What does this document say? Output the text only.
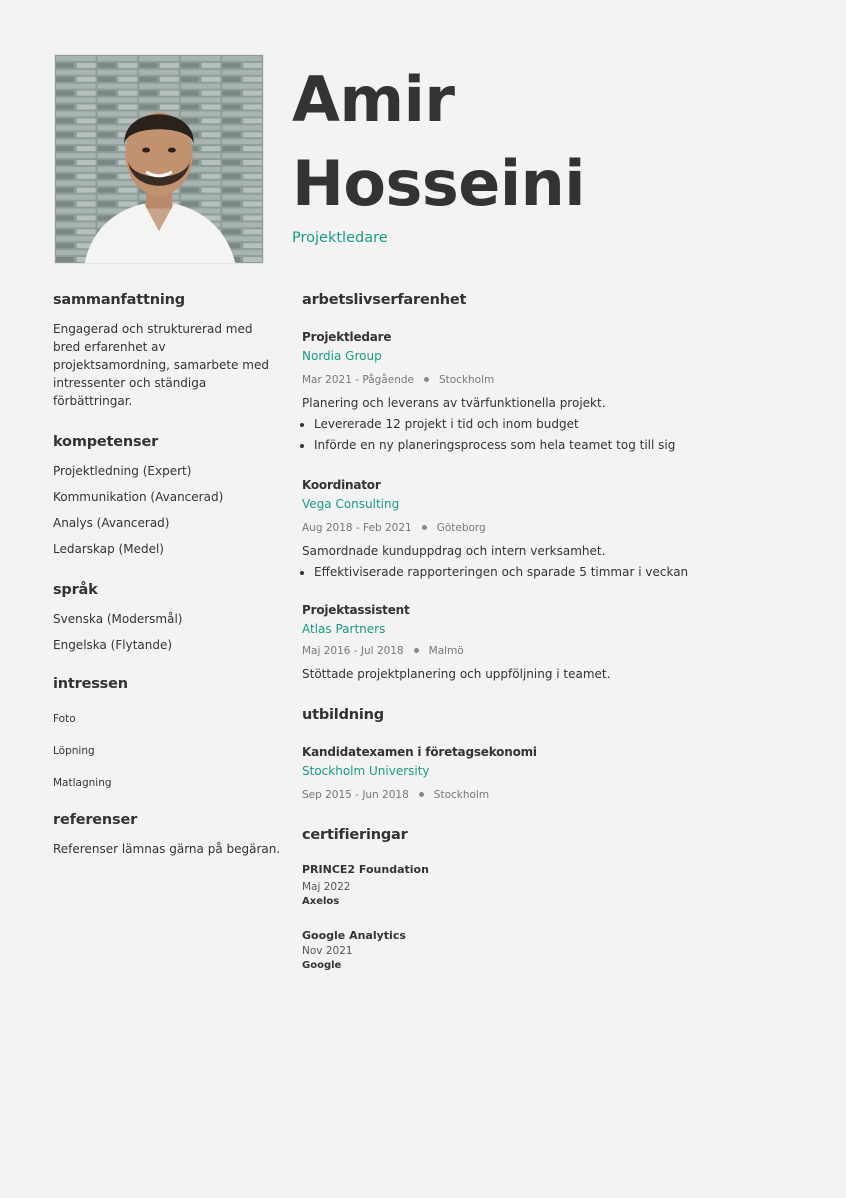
Amir
Hosseini
Projektledare
sammanfattning

Engagerad och strukturerad med bred erfarenhet av projektsamordning, samarbete med intressenter och ständiga förbättringar.

kompetenser
Projektledning (Expert)
Kommunikation (Avancerad)
Analys (Avancerad)
Ledarskap (Medel)
språk
Svenska (Modersmål)
Engelska (Flytande)
intressen
Foto
Löpning
Matlagning
referenser

Referenser lämnas gärna på begäran.

arbetslivserfarenhet
Projektledare
Nordia Group
Mar 2021 - Pågående Stockholm
Planering och leverans av tvärfunktionella projekt.
• Levererade 12 projekt i tid och inom budget
• Införde en ny planeringsprocess som hela teamet tog till sig
Koordinator
Vega Consulting
Aug 2018 - Feb 2021 Göteborg
Samordnade kunduppdrag och intern verksamhet.
• Effektiviserade rapporteringen och sparade 5 timmar i veckan
Projektassistent
Atlas Partners
Maj 2016 - Jul 2018 Malmö
Stöttade projektplanering och uppföljning i teamet.
utbildning
Kandidatexamen i företagsekonomi
Stockholm University
Sep 2015 - Jun 2018 Stockholm
certifieringar
PRINCE2 Foundation
Maj 2022
Axelos
Google Analytics
Nov 2021
Google
